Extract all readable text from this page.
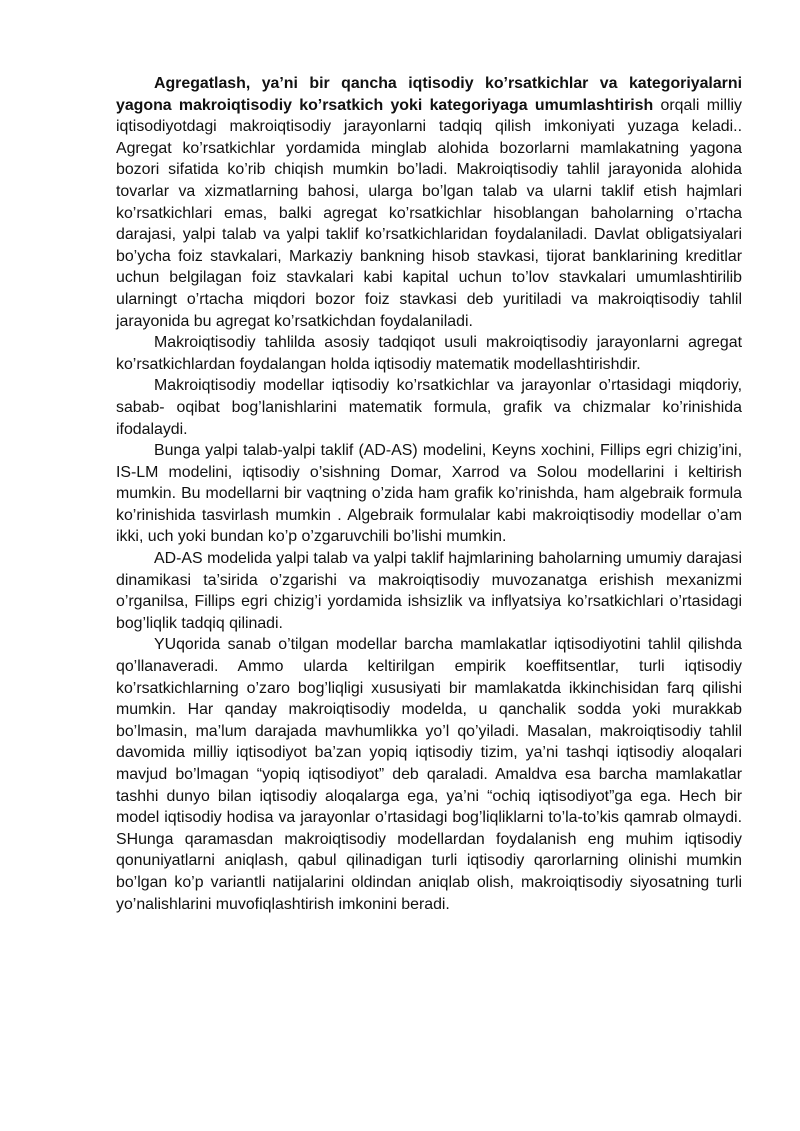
Agregatlash, ya’ni bir qancha iqtisodiy ko’rsatkichlar va kategoriyalarni yagona makroiqtisodiy ko’rsatkich yoki kategoriyaga umumlashtirish orqali milliy iqtisodiyotdagi makroiqtisodiy jarayonlarni tadqiq qilish imkoniyati yuzaga keladi.. Agregat ko’rsatkichlar yordamida minglab alohida bozorlarni mamlakatning yagona bozori sifatida ko’rib chiqish mumkin bo’ladi. Makroiqtisodiy tahlil jarayonida alohida tovarlar va xizmatlarning bahosi, ularga bo’lgan talab va ularni taklif etish hajmlari ko’rsatkichlari emas, balki agregat ko’rsatkichlar hisoblangan baholarning o’rtacha darajasi, yalpi talab va yalpi taklif ko’rsatkichlaridan foydalaniladi. Davlat obligatsiyalari bo’ycha foiz stavkalari, Markaziy bankning hisob stavkasi, tijorat banklarining kreditlar uchun belgilagan foiz stavkalari kabi kapital uchun to’lov stavkalari umumlashtirilib ularningt o’rtacha miqdori bozor foiz stavkasi deb yuritiladi va makroiqtisodiy tahlil jarayonida bu agregat ko’rsatkichdan foydalaniladi.

Makroiqtisodiy tahlilda asosiy tadqiqot usuli makroiqtisodiy jarayonlarni agregat ko’rsatkichlardan foydalangan holda iqtisodiy matematik modellashtirishdir.

Makroiqtisodiy modellar iqtisodiy ko’rsatkichlar va jarayonlar o’rtasidagi miqdoriy, sabab- oqibat bog’lanishlarini matematik formula, grafik va chizmalar ko’rinishida ifodalaydi.

Bunga yalpi talab-yalpi taklif (AD-AS) modelini, Keyns xochini, Fillips egri chizig’ini, IS-LM modelini, iqtisodiy o’sishning Domar, Xarrod va Solou modellarini i keltirish mumkin. Bu modellarni bir vaqtning o’zida ham grafik ko’rinishda, ham algebraik formula ko’rinishida tasvirlash mumkin . Algebraik formulalar kabi makroiqtisodiy modellar o’am ikki, uch yoki bundan ko’p o’zgaruvchili bo’lishi mumkin.

AD-AS modelida yalpi talab va yalpi taklif hajmlarining baholarning umumiy darajasi dinamikasi ta’sirida o’zgarishi va makroiqtisodiy muvozanatga erishish mexanizmi o’rganilsa, Fillips egri chizig’i yordamida ishsizlik va inflyatsiya ko’rsatkichlari o’rtasidagi bog’liqlik tadqiq qilinadi.

YUqorida sanab o’tilgan modellar barcha mamlakatlar iqtisodiyotini tahlil qilishda qo’llanaveradi. Ammo ularda keltirilgan empirik koeffitsentlar, turli iqtisodiy ko’rsatkichlarning o’zaro bog’liqligi xususiyati bir mamlakatda ikkinchisidan farq qilishi mumkin. Har qanday makroiqtisodiy modelda, u qanchalik sodda yoki murakkab bo’lmasin, ma’lum darajada mavhumlikka yo’l qo’yiladi. Masalan, makroiqtisodiy tahlil davomida milliy iqtisodiyot ba’zan yopiq iqtisodiy tizim, ya’ni tashqi iqtisodiy aloqalari mavjud bo’lmagan “yopiq iqtisodiyot” deb qaraladi. Amaldva esa barcha mamlakatlar tashhi dunyo bilan iqtisodiy aloqalarga ega, ya’ni “ochiq iqtisodiyot”ga ega. Hech bir model iqtisodiy hodisa va jarayonlar o’rtasidagi bog’liqliklarni to’la-to’kis qamrab olmaydi. SHunga qaramasdan makroiqtisodiy modellardan foydalanish eng muhim iqtisodiy qonuniyatlarni aniqlash, qabul qilinadigan turli iqtisodiy qarorlarning olinishi mumkin bo’lgan ko’p variantli natijalarini oldindan aniqlab olish, makroiqtisodiy siyosatning turli yo’nalishlarini muvofiqlashtirish imkonini beradi.
